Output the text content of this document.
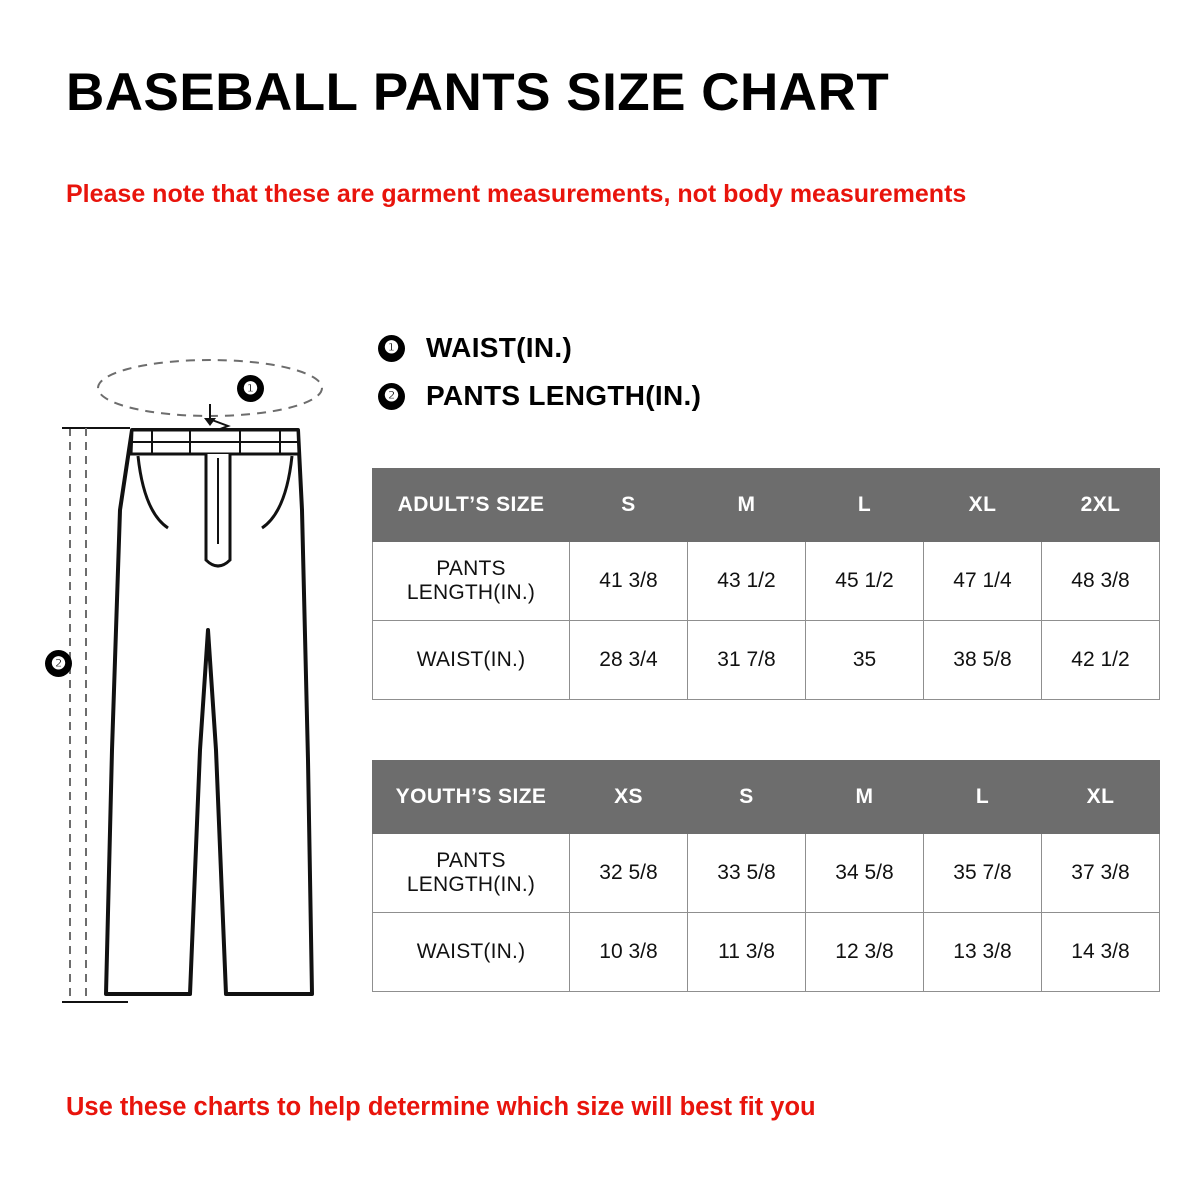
BASEBALL PANTS SIZE CHART
Please note that these are garment measurements, not body measurements
❶ WAIST(IN.)
❷ PANTS LENGTH(IN.)
❶
❷
ADULT’S SIZE	S	M	L	XL	2XL
PANTS LENGTH(IN.)	41 3/8	43 1/2	45 1/2	47 1/4	48 3/8
WAIST(IN.)	28 3/4	31 7/8	35	38 5/8	42 1/2
YOUTH’S SIZE	XS	S	M	L	XL
PANTS LENGTH(IN.)	32 5/8	33 5/8	34 5/8	35 7/8	37 3/8
WAIST(IN.)	10 3/8	11 3/8	12 3/8	13 3/8	14 3/8
Use these charts to help determine which size will best fit you
